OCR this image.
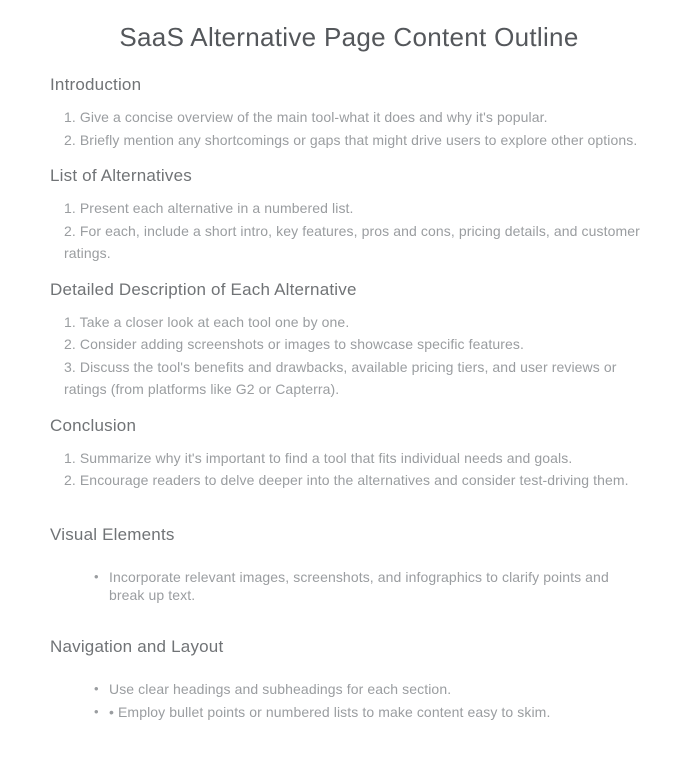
SaaS Alternative Page Content Outline
Introduction

1. Give a concise overview of the main tool-what it does and why it's popular.

2. Briefly mention any shortcomings or gaps that might drive users to explore other options.

List of Alternatives

1. Present each alternative in a numbered list.

2. For each, include a short intro, key features, pros and cons, pricing details, and customer ratings.

Detailed Description of Each Alternative

1. Take a closer look at each tool one by one.

2. Consider adding screenshots or images to showcase specific features.

3. Discuss the tool's benefits and drawbacks, available pricing tiers, and user reviews or ratings (from platforms like G2 or Capterra).

Conclusion

1. Summarize why it's important to find a tool that fits individual needs and goals.

2. Encourage readers to delve deeper into the alternatives and consider test-driving them.

Visual Elements
• Incorporate relevant images, screenshots, and infographics to clarify points and break up text.
Navigation and Layout
• Use clear headings and subheadings for each section.
• • Employ bullet points or numbered lists to make content easy to skim.
